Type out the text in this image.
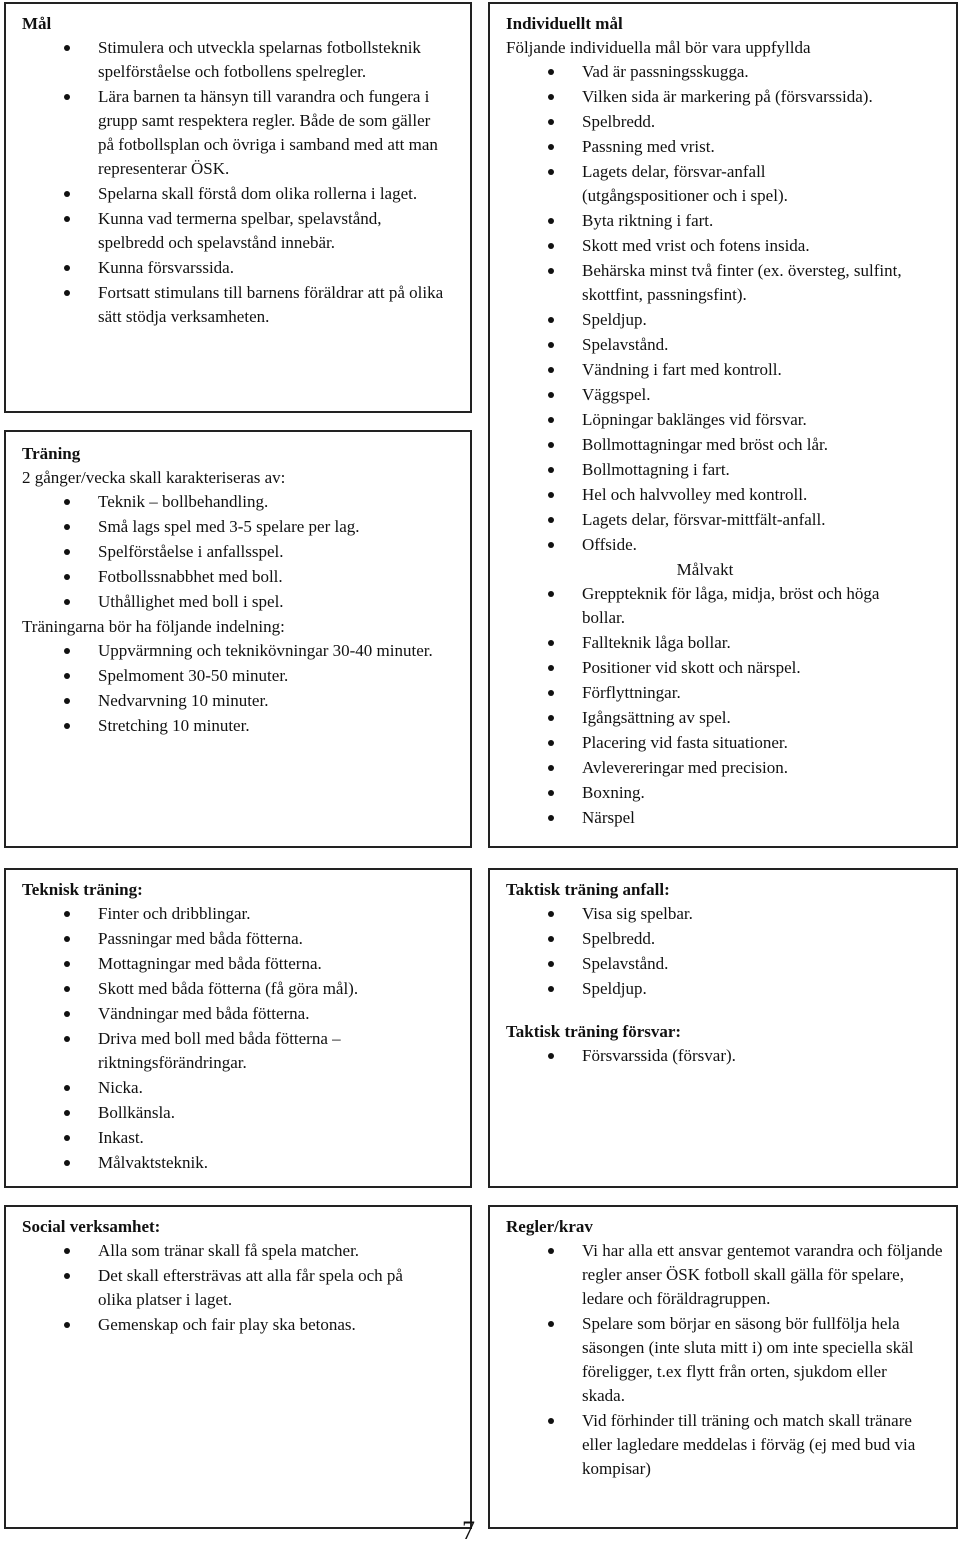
Mål
Stimulera och utveckla spelarnas fotbollsteknik spelförståelse och fotbollens spelregler.
Lära barnen ta hänsyn till varandra och fungera i grupp samt respektera regler. Både de som gäller på fotbollsplan och övriga i samband med att man representerar ÖSK.
Spelarna skall förstå dom olika rollerna i laget.
Kunna vad termerna spelbar, spelavstånd, spelbredd och spelavstånd innebär.
Kunna försvarssida.
Fortsatt stimulans till barnens föräldrar att på olika sätt stödja verksamheten.
Träning

2 gånger/vecka skall karakteriseras av:

Teknik – bollbehandling.
Små lags spel med 3-5 spelare per lag.
Spelförståelse i anfallsspel.
Fotbollssnabbhet med boll.
Uthållighet med boll i spel.

Träningarna bör ha följande indelning:

Uppvärmning och teknikövningar 30-40 minuter.
Spelmoment 30-50 minuter.
Nedvarvning 10 minuter.
Stretching 10 minuter.
Individuellt mål

Följande individuella mål bör vara uppfyllda

Vad är passningsskugga.
Vilken sida är markering på (försvarssida).
Spelbredd.
Passning med vrist.
Lagets delar, försvar-anfall (utgångspositioner och i spel).
Byta riktning i fart.
Skott med vrist och fotens insida.
Behärska minst två finter (ex. översteg, sulfint, skottfint, passningsfint).
Speldjup.
Spelavstånd.
Vändning i fart med kontroll.
Väggspel.
Löpningar baklänges vid försvar.
Bollmottagningar med bröst och lår.
Bollmottagning i fart.
Hel och halvvolley med kontroll.
Lagets delar, försvar-mittfält-anfall.
Offside.

Målvakt

Greppteknik för låga, midja, bröst och höga bollar.
Fallteknik låga bollar.
Positioner vid skott och närspel.
Förflyttningar.
Igångsättning av spel.
Placering vid fasta situationer.
Avlevereringar med precision.
Boxning.
Närspel
Teknisk träning:
Finter och dribblingar.
Passningar med båda fötterna.
Mottagningar med båda fötterna.
Skott med båda fötterna (få göra mål).
Vändningar med båda fötterna.
Driva med boll med båda fötterna – riktningsförändringar.
Nicka.
Bollkänsla.
Inkast.
Målvaktsteknik.
Taktisk träning anfall:
Visa sig spelbar.
Spelbredd.
Spelavstånd.
Speldjup.
Taktisk träning försvar:
Försvarssida (försvar).
Social verksamhet:
Alla som tränar skall få spela matcher.
Det skall eftersträvas att alla får spela och på olika platser i laget.
Gemenskap och fair play ska betonas.
Regler/krav
Vi har alla ett ansvar gentemot varandra och följande regler anser ÖSK fotboll skall gälla för spelare, ledare och föräldragruppen.
Spelare som börjar en säsong bör fullfölja hela säsongen (inte sluta mitt i) om inte speciella skäl föreligger, t.ex flytt från orten, sjukdom eller skada.
Vid förhinder till träning och match skall tränare eller lagledare meddelas i förväg (ej med bud via kompisar)
7
